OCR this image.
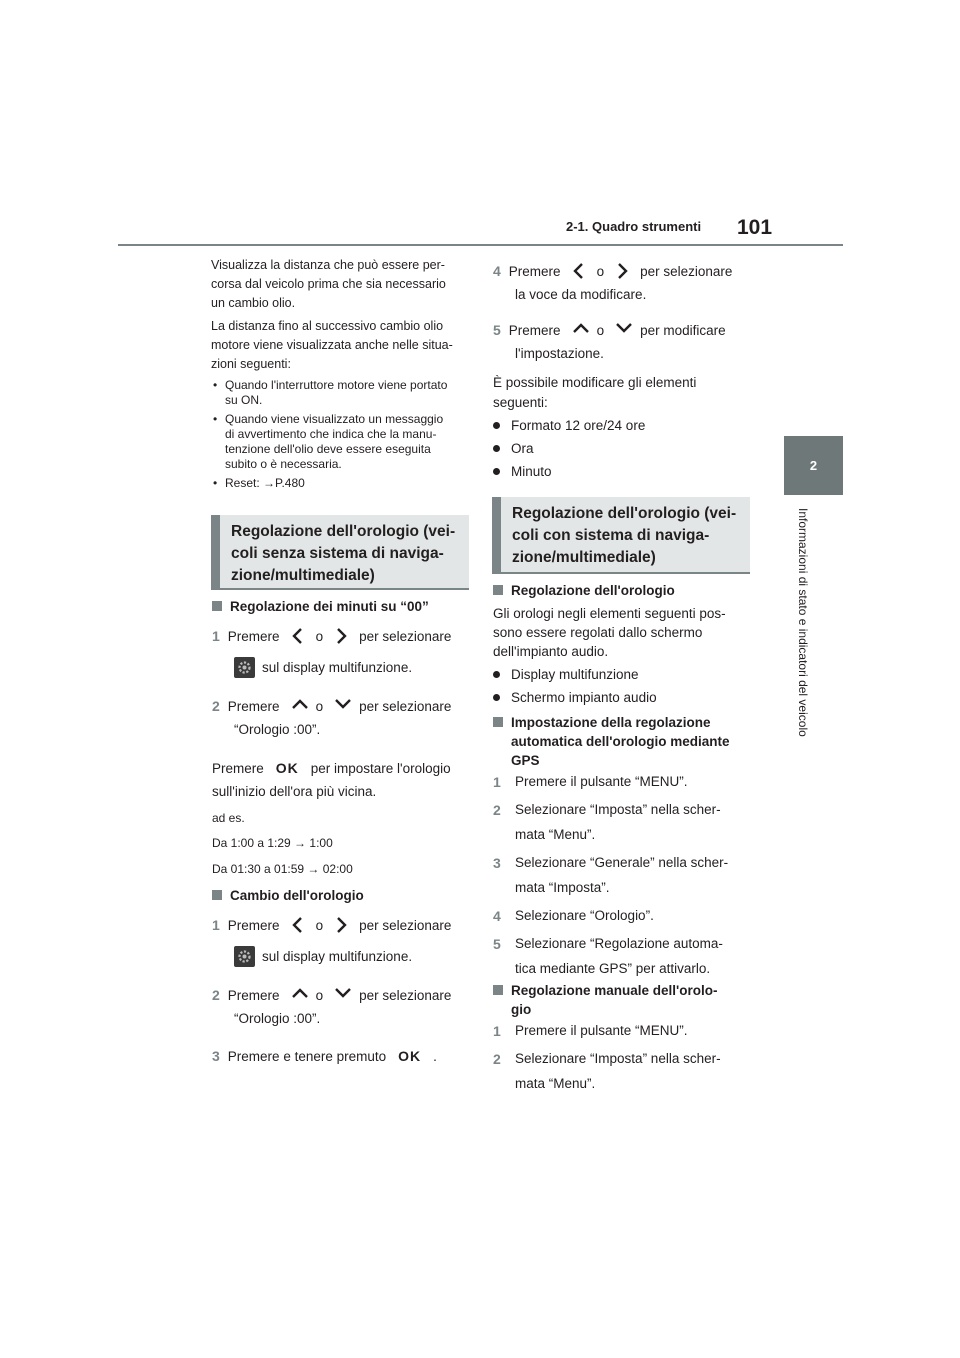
2-1. Quadro strumenti 101
2
Informazioni di stato e indicatori del veicolo
Visualizza la distanza che può essere per-
corsa dal veicolo prima che sia necessario
un cambio olio.
La distanza fino al successivo cambio olio
motore viene visualizzata anche nelle situa-
zioni seguenti:
• Quando l'interruttore motore viene portato
su ON.
• Quando viene visualizzato un messaggio
di avvertimento che indica che la manu-
tenzione dell'olio deve essere eseguita
subito o è necessaria.
• Reset: →P.480
Regolazione dell'orologio (vei-
coli senza sistema di naviga-
zione/multimediale)
Regolazione dei minuti su “00”
1 Premere	o	per selezionare
sul display multifunzione.
2 Premere	o	per selezionare
“Orologio :00”.
Premere OK per impostare l'orologio
sull'inizio dell'ora più vicina.
ad es.
Da 1:00 a 1:29 → 1:00
Da 01:30 a 01:59 → 02:00
Cambio dell'orologio
1 Premere	o	per selezionare
sul display multifunzione.
2 Premere	o	per selezionare
“Orologio :00”.
3 Premere e tenere premuto OK .
4 Premere	o	per selezionare
la voce da modificare.
5 Premere	o	per modificare
l'impostazione.
È possibile modificare gli elementi
seguenti:
Formato 12 ore/24 ore
Ora
Minuto
Regolazione dell'orologio (vei-
coli con sistema di naviga-
zione/multimediale)
Regolazione dell'orologio
Gli orologi negli elementi seguenti pos-
sono essere regolati dallo schermo
dell'impianto audio.
Display multifunzione
Schermo impianto audio
Impostazione della regolazione
automatica dell'orologio mediante
GPS
1	Premere il pulsante “MENU”.
2	Selezionare “Imposta” nella scher-
mata “Menu”.
3	Selezionare “Generale” nella scher-
mata “Imposta”.
4	Selezionare “Orologio”.
5	Selezionare “Regolazione automa-
tica mediante GPS” per attivarlo.
Regolazione manuale dell'orolo-
gio
1	Premere il pulsante “MENU”.
2	Selezionare “Imposta” nella scher-
mata “Menu”.
